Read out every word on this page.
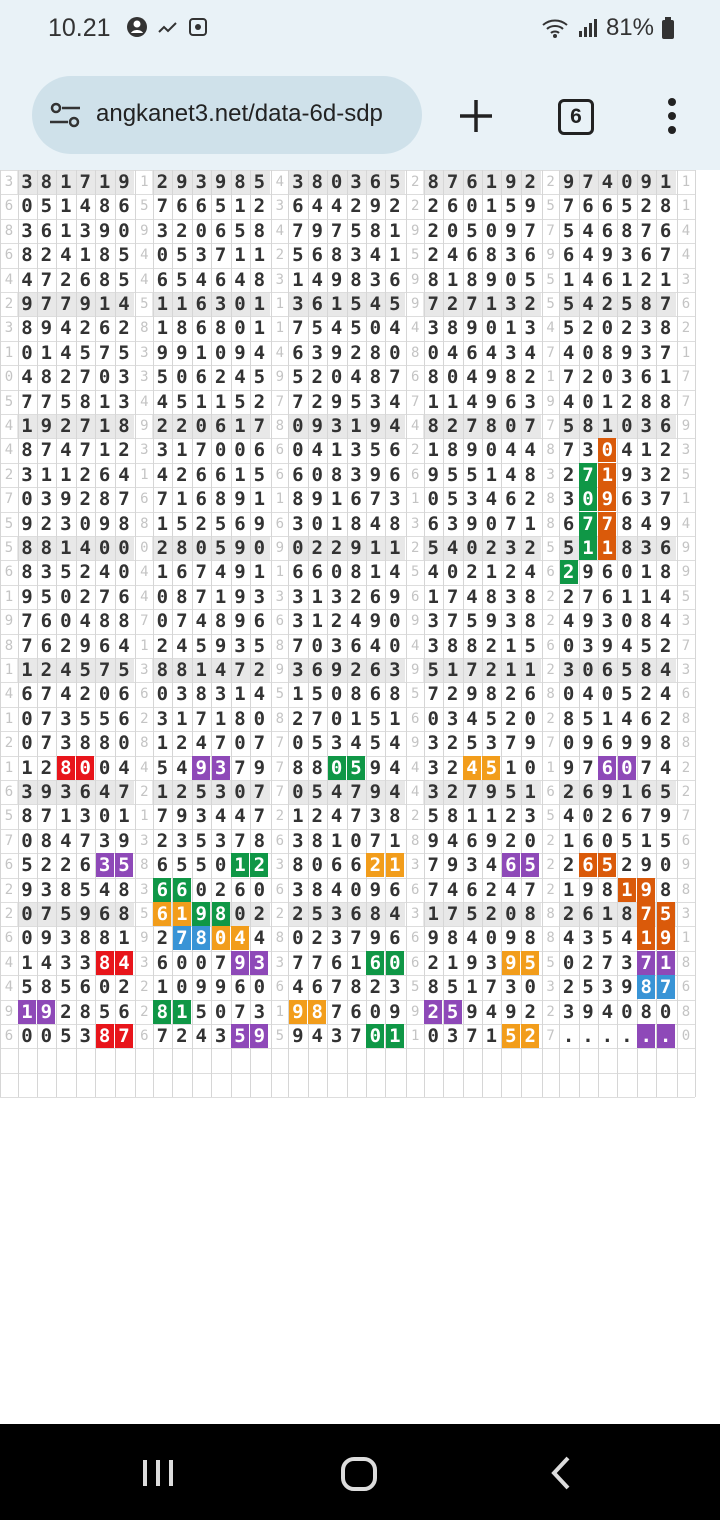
10.21	81%
angkanet3.net/data-6d-sdp	6
3 3 8 1 7 1 9 1 2 9 3 9 8 5 4 3 8 0 3 6 5 2 8 7 6 1 9 2 2 9 7 4 0 9 1 1
6 0 5 1 4 8 6 5 7 6 6 5 1 2 3 6 4 4 2 9 2 2 2 6 0 1 5 9 5 7 6 6 5 2 8 1
8 3 6 1 3 9 0 9 3 2 0 6 5 8 4 7 9 7 5 8 1 9 2 0 5 0 9 7 7 5 4 6 8 7 6 4
6 8 2 4 1 8 5 4 0 5 3 7 1 1 2 5 6 8 3 4 1 5 2 4 6 8 3 6 9 6 4 9 3 6 7 4
4 4 7 2 6 8 5 4 6 5 4 6 4 8 3 1 4 9 8 3 6 9 8 1 8 9 0 5 5 1 4 6 1 2 1 3
2 9 7 7 9 1 4 5 1 1 6 3 0 1 1 3 6 1 5 4 5 9 7 2 7 1 3 2 5 5 4 2 5 8 7 6
3 8 9 4 2 6 2 8 1 8 6 8 0 1 1 7 5 4 5 0 4 4 3 8 9 0 1 3 4 5 2 0 2 3 8 2
1 0 1 4 5 7 5 3 9 9 1 0 9 4 4 6 3 9 2 8 0 8 0 4 6 4 3 4 7 4 0 8 9 3 7 1
0 4 8 2 7 0 3 3 5 0 6 2 4 5 9 5 2 0 4 8 7 6 8 0 4 9 8 2 1 7 2 0 3 6 1 7
5 7 7 5 8 1 3 4 4 5 1 1 5 2 7 7 2 9 5 3 4 7 1 1 4 9 6 3 9 4 0 1 2 8 8 7
4 1 9 2 7 1 8 9 2 2 0 6 1 7 8 0 9 3 1 9 4 4 8 2 7 8 0 7 7 5 8 1 0 3 6 9
4 8 7 4 7 1 2 3 3 1 7 0 0 6 6 0 4 1 3 5 6 2 1 8 9 0 4 4 8 7 3 0 4 1 2 3
2 3 1 1 2 6 4 1 4 2 6 6 1 5 6 6 0 8 3 9 6 6 9 5 5 1 4 8 3 2 7 1 9 3 2 5
7 0 3 9 2 8 7 6 7 1 6 8 9 1 1 8 9 1 6 7 3 1 0 5 3 4 6 2 8 3 0 9 6 3 7 1
5 9 2 3 0 9 8 8 1 5 2 5 6 9 6 3 0 1 8 4 8 3 6 3 9 0 7 1 8 6 7 7 8 4 9 4
5 8 8 1 4 0 0 0 2 8 0 5 9 0 9 0 2 2 9 1 1 2 5 4 0 2 3 2 5 5 1 1 8 3 6 9
6 8 3 5 2 4 0 4 1 6 7 4 9 1 1 6 6 0 8 1 4 5 4 0 2 1 2 4 6 2 9 6 0 1 8 9
1 9 5 0 2 7 6 4 0 8 7 1 9 3 3 3 1 3 2 6 9 6 1 7 4 8 3 8 2 2 7 6 1 1 4 5
9 7 6 0 4 8 8 7 0 7 4 8 9 6 6 3 1 2 4 9 0 9 3 7 5 9 3 8 2 4 9 3 0 8 4 3
8 7 6 2 9 6 4 1 2 4 5 9 3 5 8 7 0 3 6 4 0 4 3 8 8 2 1 5 6 0 3 9 4 5 2 7
1 1 2 4 5 7 5 3 8 8 1 4 7 2 9 3 6 9 2 6 3 9 5 1 7 2 1 1 2 3 0 6 5 8 4 3
4 6 7 4 2 0 6 6 0 3 8 3 1 4 5 1 5 0 8 6 8 5 7 2 9 8 2 6 8 0 4 0 5 2 4 6
1 0 7 3 5 5 6 2 3 1 7 1 8 0 8 2 7 0 1 5 1 6 0 3 4 5 2 0 2 8 5 1 4 6 2 8
2 0 7 3 8 8 0 8 1 2 4 7 0 7 7 0 5 3 4 5 4 9 3 2 5 3 7 9 7 0 9 6 9 9 8 8
1 1 2 8 0 0 4 4 5 4 9 3 7 9 7 8 8 0 5 9 4 4 3 2 4 5 1 0 1 9 7 6 0 7 4 2
6 3 9 3 6 4 7 2 1 2 5 3 0 7 7 0 5 4 7 9 4 4 3 2 7 9 5 1 6 2 6 9 1 6 5 2
5 8 7 1 3 0 1 1 7 9 3 4 4 7 2 1 2 4 7 3 8 2 5 8 1 1 2 3 5 4 0 2 6 7 9 7
7 0 8 4 7 3 9 3 2 3 5 3 7 8 6 3 8 1 0 7 1 8 9 4 6 9 2 0 2 1 6 0 5 1 5 6
6 5 2 2 6 3 5 8 6 5 5 0 1 2 3 8 0 6 6 2 1 3 7 9 3 4 6 5 2 2 6 5 2 9 0 9
2 9 3 8 5 4 8 3 6 6 0 2 6 0 6 3 8 4 0 9 6 6 7 4 6 2 4 7 2 1 9 8 1 9 8 8
2 0 7 5 9 6 8 5 6 1 9 8 0 2 2 2 5 3 6 8 4 3 1 7 5 2 0 8 8 2 6 1 8 7 5 3
6 0 9 3 8 8 1 9 2 7 8 0 4 4 8 0 2 3 7 9 6 6 9 8 4 0 9 8 8 4 3 5 4 1 9 1
4 1 4 3 3 8 4 3 6 0 0 7 9 3 3 7 7 6 1 6 0 6 2 1 9 3 9 5 5 0 2 7 3 7 1 8
4 5 8 5 6 0 2 2 1 0 9 9 6 0 6 4 6 7 8 2 3 5 8 5 1 7 3 0 3 2 5 3 9 8 7 6
9 1 9 2 8 5 6 2 8 1 5 0 7 3 1 9 8 7 6 0 9 9 2 5 9 4 9 2 2 3 9 4 0 8 0 8
6 0 0 5 3 8 7 6 7 2 4 3 5 9 5 9 4 3 7 0 1 1 0 3 7 1 5 2 7 . . . . . . 0
